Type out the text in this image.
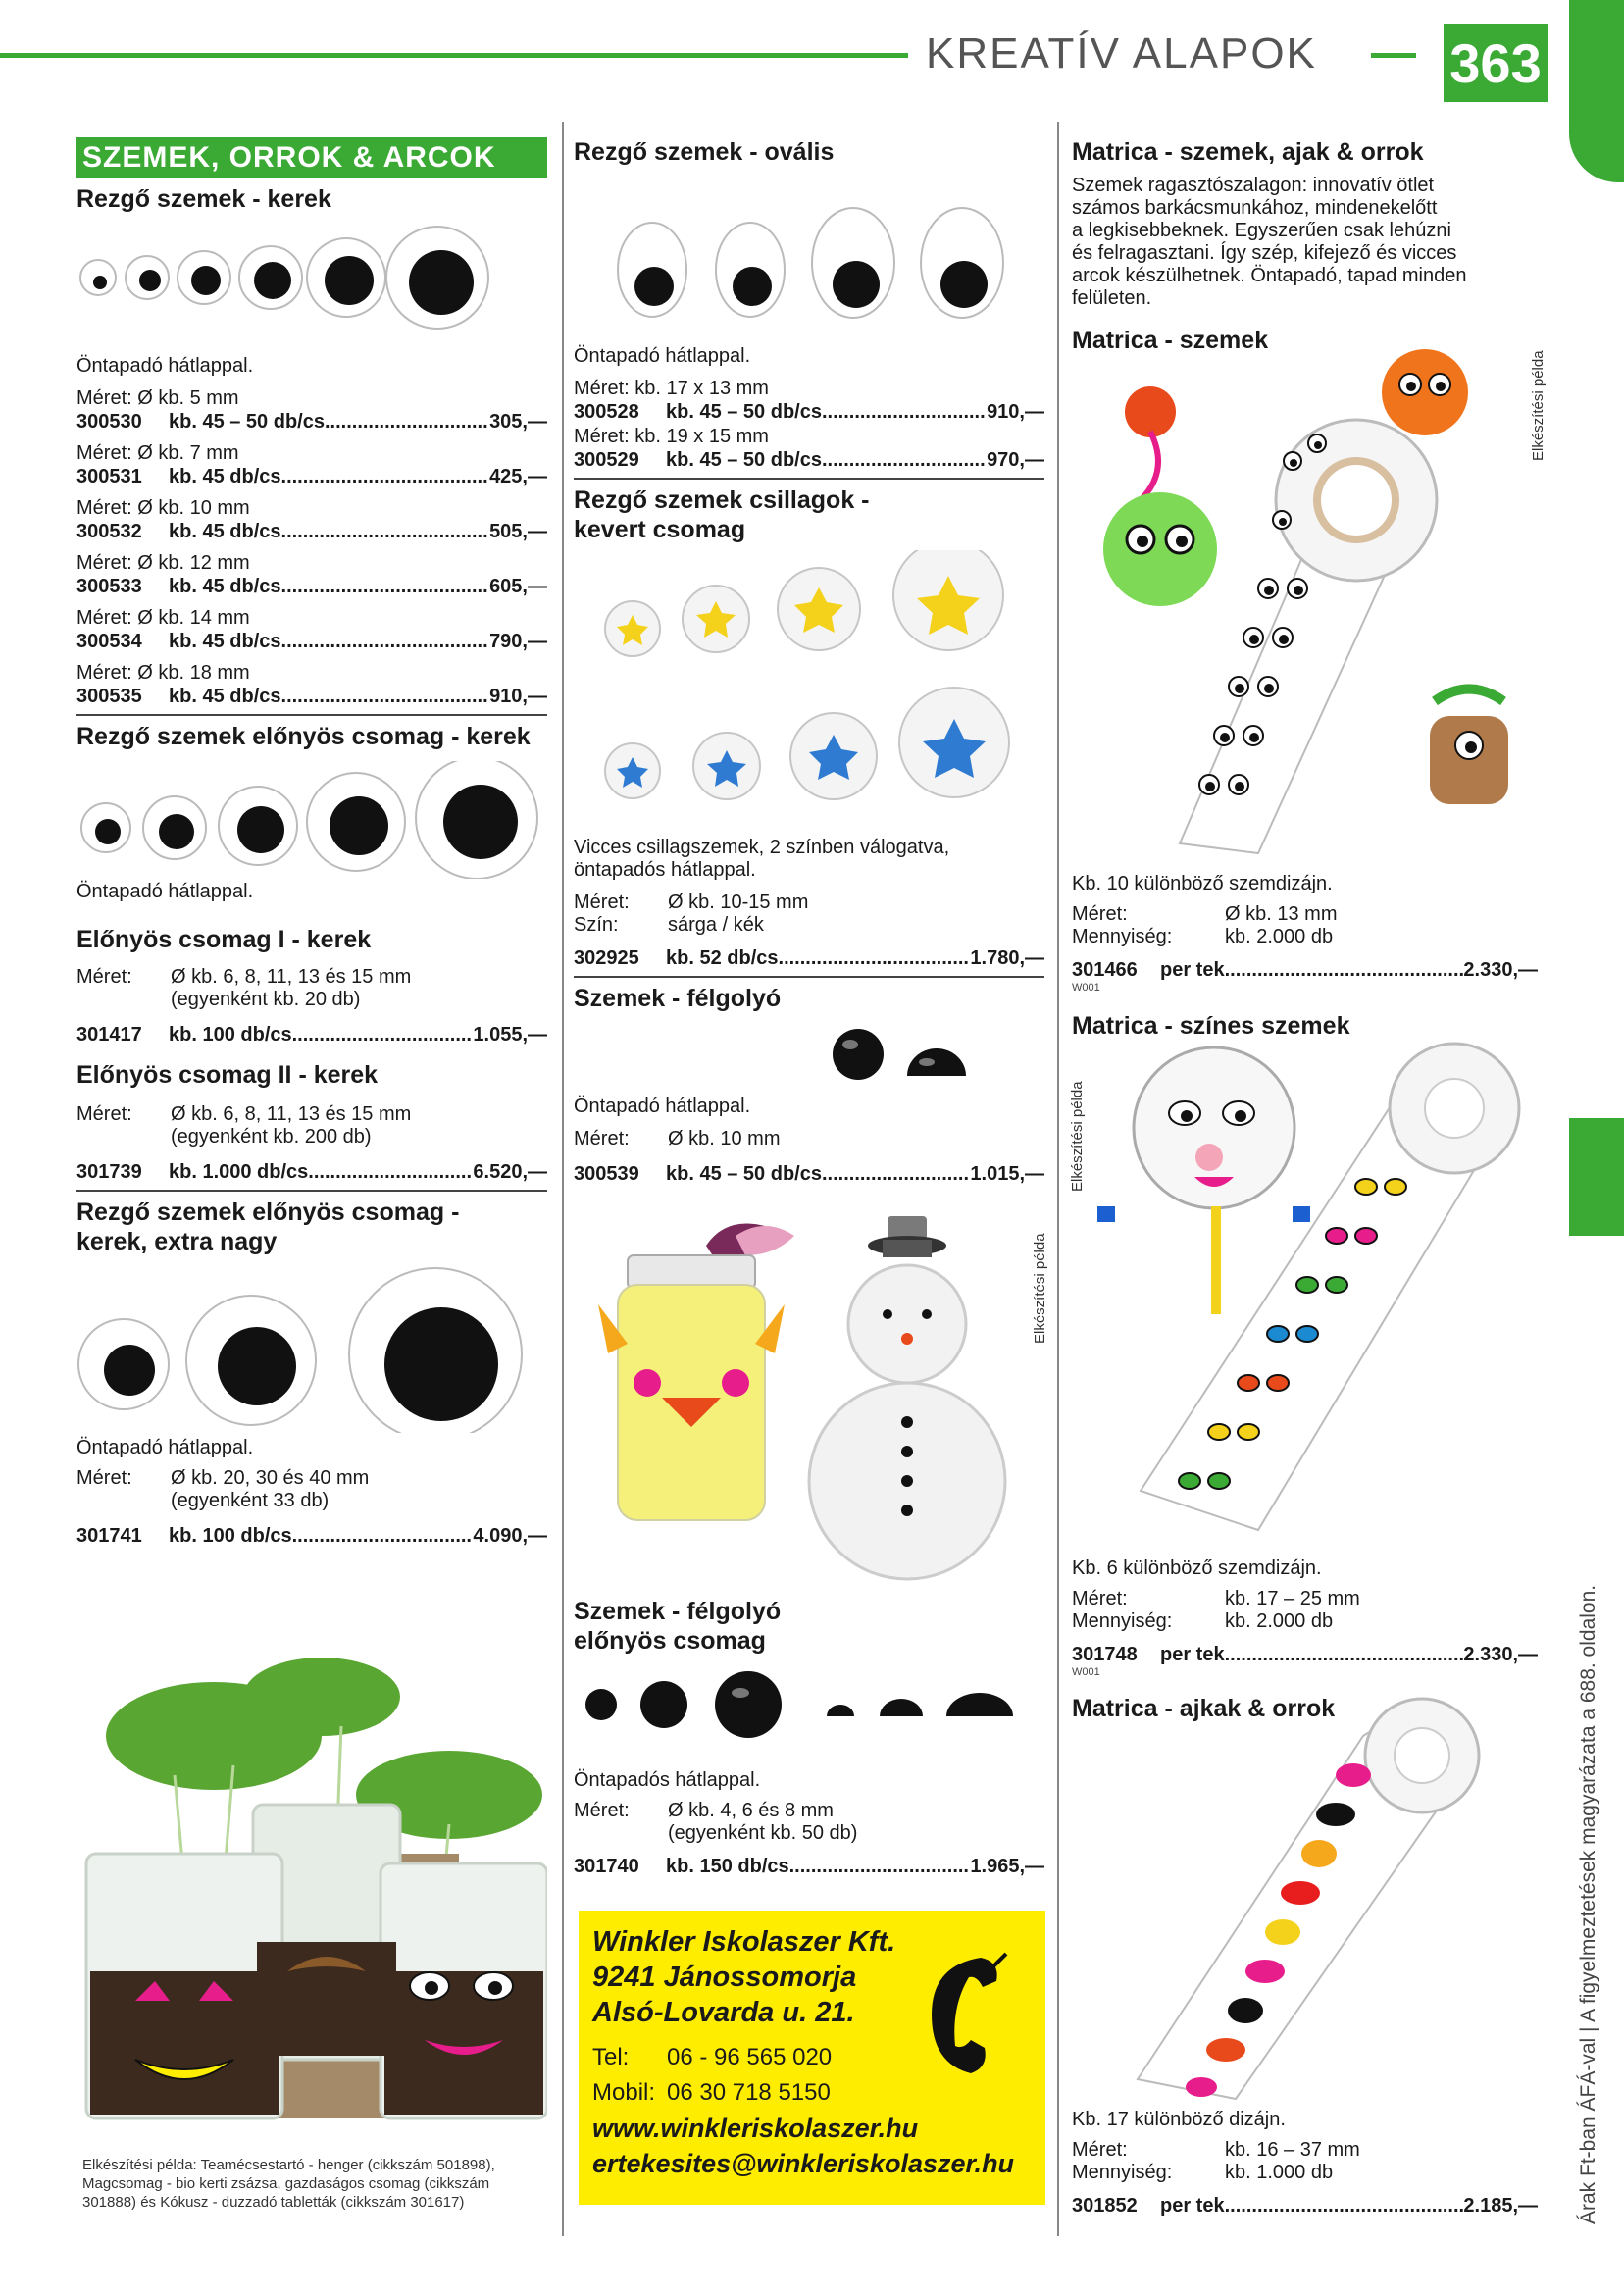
KREATÍV ALAPOK 363
Árak Ft-ban ÁFÁ-val | A figyelmeztetések magyarázata a 688. oldalon.
SZEMEK, ORROK & ARCOK
Rezgő szemek - kerek
Öntapadó hátlappal.
Méret: Ø kb. 5 mm
300530	kb. 45 – 50 db/cs. .....	305,—
Méret: Ø kb. 7 mm
300531	kb. 45 db/cs. .....	425,—
Méret: Ø kb. 10 mm
300532	kb. 45 db/cs. .....	505,—
Méret: Ø kb. 12 mm
300533	kb. 45 db/cs. .....	605,—
Méret: Ø kb. 14 mm
300534	kb. 45 db/cs. .....	790,—
Méret: Ø kb. 18 mm
300535	kb. 45 db/cs. .....	910,—
Rezgő szemek előnyös csomag - kerek
Öntapadó hátlappal.
Előnyös csomag I - kerek
Méret:	Ø kb. 6, 8, 11, 13 és 15 mm
(egyenként kb. 20 db)
301417	kb. 100 db/cs. .....	1.055,—
Előnyös csomag II - kerek
Méret:	Ø kb. 6, 8, 11, 13 és 15 mm
(egyenként kb. 200 db)
301739	kb. 1.000 db/cs. .....	6.520,—
Rezgő szemek előnyös csomag -
kerek, extra nagy
Öntapadó hátlappal.
Méret:	Ø kb. 20, 30 és 40 mm
(egyenként 33 db)
301741	kb. 100 db/cs. .....	4.090,—
Elkészítési példa: Teamécsestartó - henger (cikkszám 501898),
Magcsomag - bio kerti zsázsa, gazdaságos csomag (cikkszám
301888) és Kókusz - duzzadó tabletták (cikkszám 301617)
Rezgő szemek - ovális
Öntapadó hátlappal.
Méret: kb. 17 x 13 mm
300528	kb. 45 – 50 db/cs. .....	910,—
Méret: kb. 19 x 15 mm
300529	kb. 45 – 50 db/cs. .....	970,—
Rezgő szemek csillagok -
kevert csomag
Vicces csillagszemek, 2 színben válogatva,
öntapadós hátlappal.
Méret:	Ø kb. 10-15 mm
Szín:	sárga / kék
302925	kb. 52 db/cs. .....	1.780,—
Szemek - félgolyó
Öntapadó hátlappal.
Méret:	Ø kb. 10 mm
300539	kb. 45 – 50 db/cs. .....	1.015,—
Elkészítési példa
Szemek - félgolyó
előnyös csomag
Öntapadós hátlappal.
Méret:	Ø kb. 4, 6 és 8 mm
(egyenként kb. 50 db)
301740	kb. 150 db/cs. .....	1.965,—
Winkler Iskolaszer Kft.
9241 Jánossomorja
Alsó-Lovarda u. 21.
Tel: 06 - 96 565 020
Mobil: 06 30 718 5150
www.winkleriskolaszer.hu
ertekesites@winkleriskolaszer.hu
Matrica - szemek, ajak & orrok
Szemek ragasztószalagon: innovatív ötlet
számos barkácsmunkához, mindenekelőtt
a legkisebbeknek. Egyszerűen csak lehúzni
és felragasztani. Így szép, kifejező és vicces
arcok készülhetnek. Öntapadó, tapad minden
felületen.
Matrica - szemek
Elkészítési példa
Kb. 10 különböző szemdizájn.
Méret:	Ø kb. 13 mm
Mennyiség:	kb. 2.000 db
301466	per tek. .....	2.330,—
W001
Matrica - színes szemek
Elkészítési példa
Kb. 6 különböző szemdizájn.
Méret:	kb. 17 – 25 mm
Mennyiség:	kb. 2.000 db
301748	per tek. .....	2.330,—
W001
Matrica - ajkak & orrok
Kb. 17 különböző dizájn.
Méret:	kb. 16 – 37 mm
Mennyiség:	kb. 1.000 db
301852	per tek. .....	2.185,—
